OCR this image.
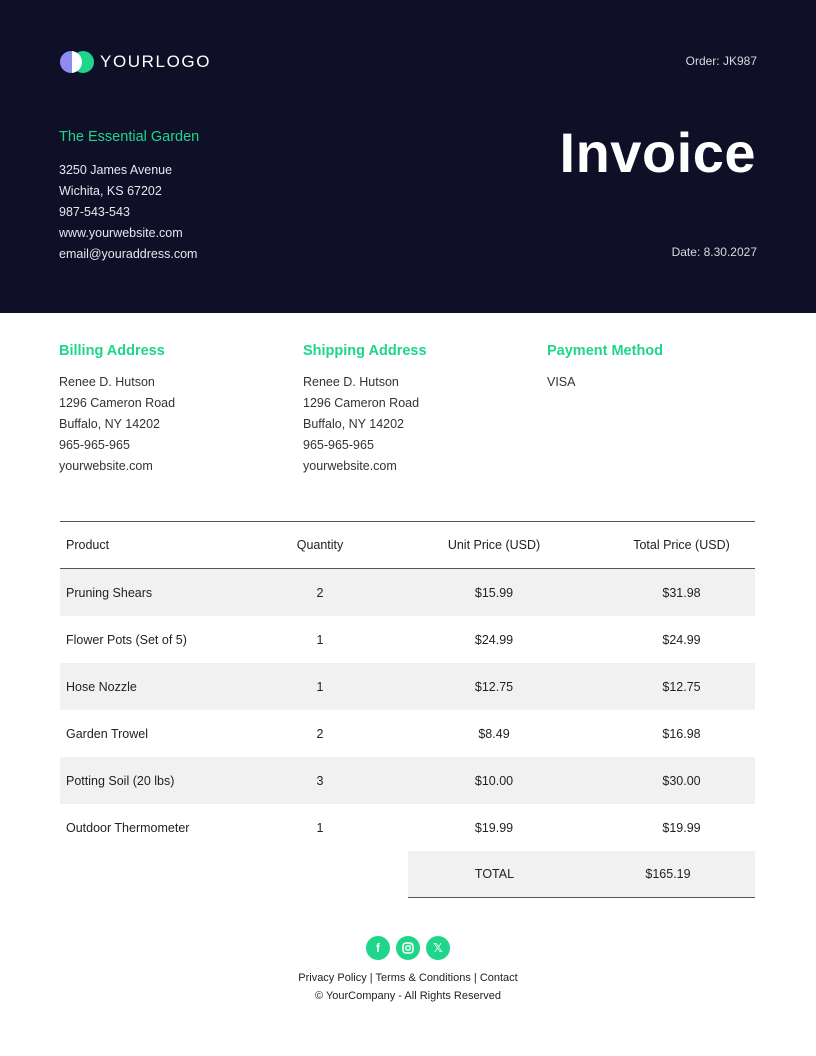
YOURLOGO	Order: JK987
The Essential Garden
3250 James Avenue
Wichita, KS 67202
987-543-543
www.yourwebsite.com
email@youraddress.com
Invoice
Date: 8.30.2027
Billing Address
Renee D. Hutson
1296 Cameron Road
Buffalo, NY 14202
965-965-965
yourwebsite.com
Shipping Address
Renee D. Hutson
1296 Cameron Road
Buffalo, NY 14202
965-965-965
yourwebsite.com
Payment Method
VISA
Product	Quantity	Unit Price (USD)	Total Price (USD)
Pruning Shears	2	$15.99	$31.98
Flower Pots (Set of 5)	1	$24.99	$24.99
Hose Nozzle	1	$12.75	$12.75
Garden Trowel	2	$8.49	$16.98
Potting Soil (20 lbs)	3	$10.00	$30.00
Outdoor Thermometer	1	$19.99	$19.99
TOTAL	$165.19
f	𝕏
Privacy Policy | Terms & Conditions | Contact
© YourCompany - All Rights Reserved
